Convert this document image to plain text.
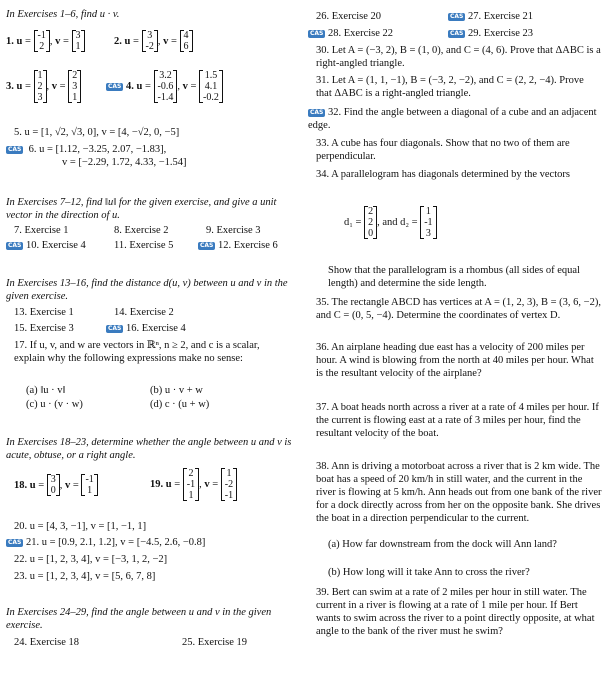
In Exercises 1–6, find u · v.
1.
u = -1
2 , v = 3
1	2.
u = 3
-2 , v = 4
6
3.
u =
1
2
3
, v =
2
3
1
CAS
4.
u =
3.2
-0.6
-1.4
, v =
1.5
4.1
-0.2
5. u = [1, √2, √3, 0], v = [4, −√2, 0, −5]
CAS 6. u = [1.12, −3.25, 2.07, −1.83],
v = [−2.29, 1.72, 4.33, −1.54]
In Exercises 7–12, find ‖u‖ for the given exercise, and give a unit vector in the direction of u.
7. Exercise 1	8. Exercise 2	9. Exercise 3
CAS 10. Exercise 4	11. Exercise 5	CAS 12. Exercise 6
In Exercises 13–16, find the distance d(u, v) between u and v in the given exercise.
13. Exercise 1	14. Exercise 2
15. Exercise 3	CAS 16. Exercise 4
17. If u, v, and w are vectors in ℝⁿ, n ≥ 2, and c is a scalar, explain why the following expressions make no sense:
(a) ‖u · v‖	(b) u · v + w
(c) u · (v · w)	(d) c · (u + w)
In Exercises 18–23, determine whether the angle between u and v is acute, obtuse, or a right angle.
18.
u = 3
0 , v = -1
1
19.
u =
2
-1
1
, v =
1
-2
-1
20. u = [4, 3, −1], v = [1, −1, 1]
CAS 21. u = [0.9, 2.1, 1.2], v = [−4.5, 2.6, −0.8]
22. u = [1, 2, 3, 4], v = [−3, 1, 2, −2]
23. u = [1, 2, 3, 4], v = [5, 6, 7, 8]
In Exercises 24–29, find the angle between u and v in the given exercise.
24. Exercise 18	25. Exercise 19
26. Exercise 20	CAS 27. Exercise 21
CAS 28. Exercise 22	CAS 29. Exercise 23
30. Let A = (−3, 2), B = (1, 0), and C = (4, 6). Prove that ΔABC is a right-angled triangle.
31. Let A = (1, 1, −1), B = (−3, 2, −2), and C = (2, 2, −4). Prove that ΔABC is a right-angled triangle.
CAS 32. Find the angle between a diagonal of a cube and an adjacent edge.
33. A cube has four diagonals. Show that no two of them are perpendicular.
34. A parallelogram has diagonals determined by the vectors
d₁ =

2
2
0
, and d₂ =

1
-1
3
Show that the parallelogram is a rhombus (all sides of equal length) and determine the side length.
35. The rectangle ABCD has vertices at A = (1, 2, 3), B = (3, 6, −2), and C = (0, 5, −4). Determine the coordinates of vertex D.
36. An airplane heading due east has a velocity of 200 miles per hour. A wind is blowing from the north at 40 miles per hour. What is the resultant velocity of the airplane?
37. A boat heads north across a river at a rate of 4 miles per hour. If the current is flowing east at a rate of 3 miles per hour, find the resultant velocity of the boat.
38. Ann is driving a motorboat across a river that is 2 km wide. The boat has a speed of 20 km/h in still water, and the current in the river is flowing at 5 km/h. Ann heads out from one bank of the river for a dock directly across from her on the opposite bank. She drives the boat in a direction perpendicular to the current.
(a) How far downstream from the dock will Ann land?
(b) How long will it take Ann to cross the river?
39. Bert can swim at a rate of 2 miles per hour in still water. The current in a river is flowing at a rate of 1 mile per hour. If Bert wants to swim across the river to a point directly opposite, at what angle to the bank of the river must he swim?
